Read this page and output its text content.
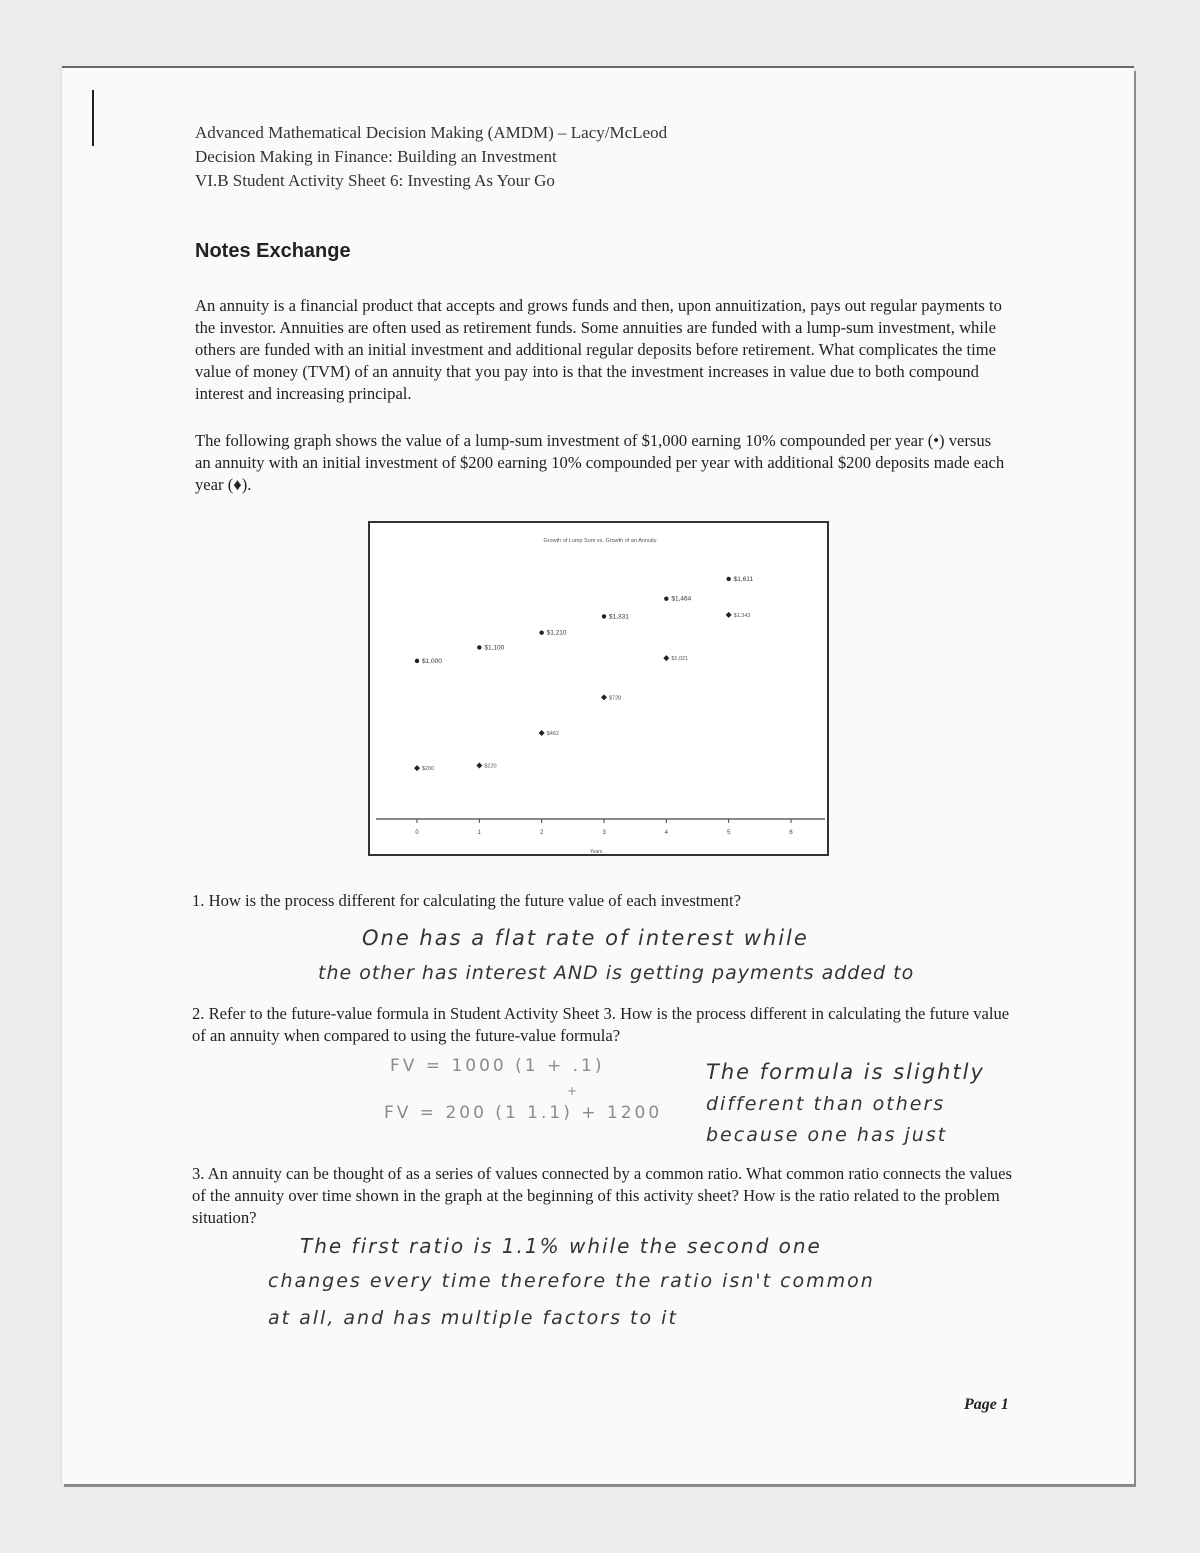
Advanced Mathematical Decision Making (AMDM) – Lacy/McLeod
Decision Making in Finance: Building an Investment
VI.B Student Activity Sheet 6: Investing As Your Go
Notes Exchange

An annuity is a financial product that accepts and grows funds and then, upon annuitization, pays out regular payments to the investor. Annuities are often used as retirement funds. Some annuities are funded with a lump-sum investment, while others are funded with an initial investment and additional regular deposits before retirement. What complicates the time value of money (TVM) of an annuity that you pay into is that the investment increases in value due to both compound interest and increasing principal.

The following graph shows the value of a lump-sum investment of $1,000 earning 10% compounded per year (•) versus an annuity with an initial investment of $200 earning 10% compounded per year with additional $200 deposits made each year (♦).

Growth of Lump Sum vs. Growth of an Annuity
0	1	2	3	4	5	6
$1,000
$1,100
$1,210
$1,331
$1,464
$1,611
$200	$220
$462
$728
$1,021
$1,343
Years

1. How is the process different for calculating the future value of each investment?

One has a flat rate of interest while
the other has interest AND is getting payments added to

2. Refer to the future-value formula in Student Activity Sheet 3. How is the process different in calculating the future value of an annuity when compared to using the future-value formula?

FV = 1000 (1 + .1)
FV = 200 (1 1.1) + 1200
+
The formula is slightly
different than others
because one has just

3. An annuity can be thought of as a series of values connected by a common ratio. What common ratio connects the values of the annuity over time shown in the graph at the beginning of this activity sheet? How is the ratio related to the problem situation?

The first ratio is 1.1% while the second one
changes every time therefore the ratio isn't common
at all, and has multiple factors to it
Page 1
